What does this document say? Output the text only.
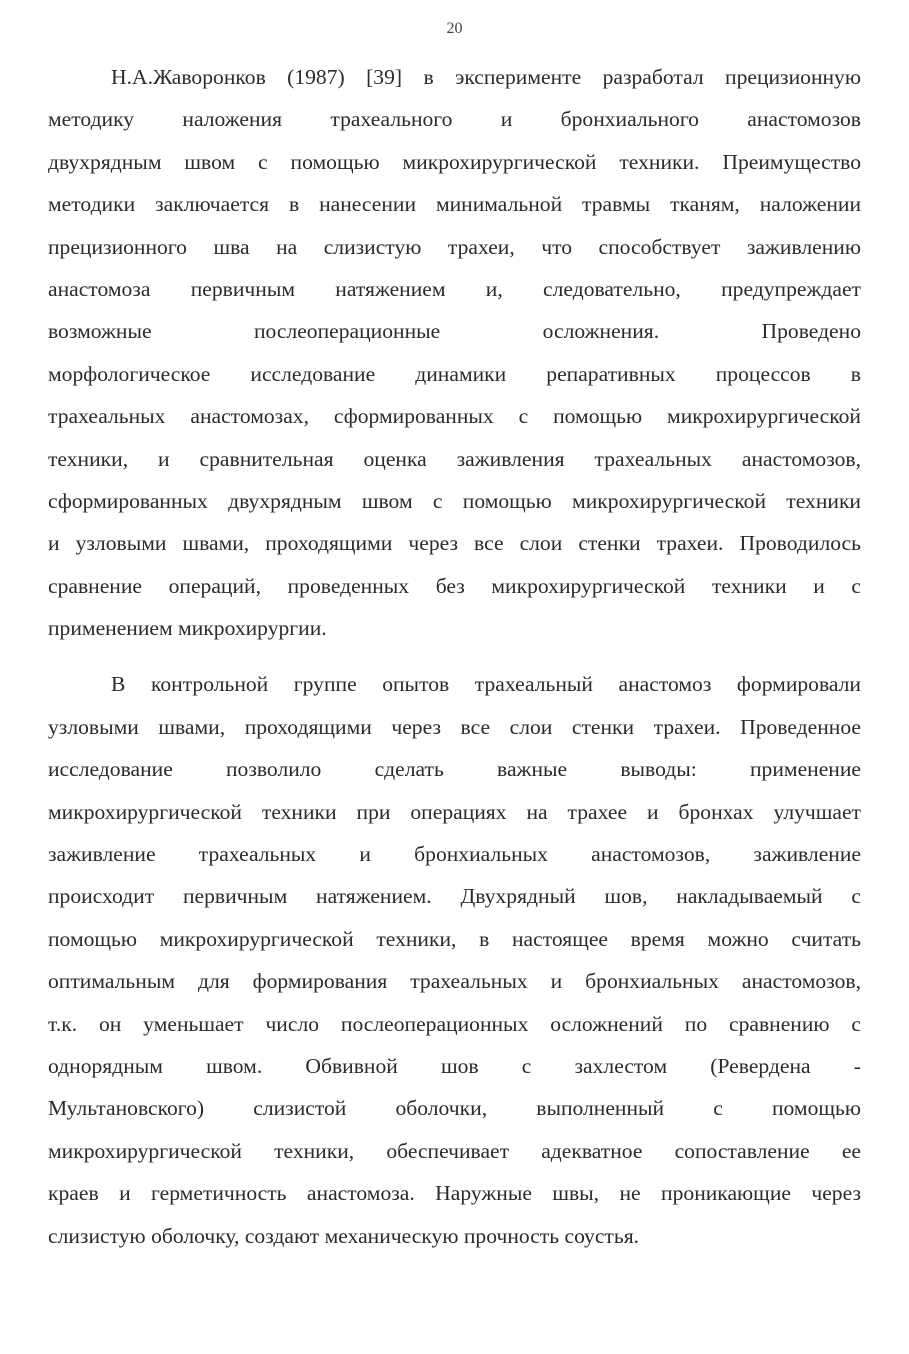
20
Н.А.Жаворонков (1987) [39] в эксперименте разработал прецизионную
методику наложения трахеального и бронхиального анастомозов
двухрядным швом с помощью микрохирургической техники. Преимущество
методики заключается в нанесении минимальной травмы тканям, наложении
прецизионного шва на слизистую трахеи, что способствует заживлению
анастомоза первичным натяжением и, следовательно, предупреждает
возможные послеоперационные осложнения. Проведено
морфологическое исследование динамики репаративных процессов в
трахеальных анастомозах, сформированных с помощью микрохирургической
техники, и сравнительная оценка заживления трахеальных анастомозов,
сформированных двухрядным швом с помощью микрохирургической техники
и узловыми швами, проходящими через все слои стенки трахеи. Проводилось
сравнение операций, проведенных без микрохирургической техники и с
применением микрохирургии.
В контрольной группе опытов трахеальный анастомоз формировали
узловыми швами, проходящими через все слои стенки трахеи. Проведенное
исследование позволило сделать важные выводы: применение
микрохирургической техники при операциях на трахее и бронхах улучшает
заживление трахеальных и бронхиальных анастомозов, заживление
происходит первичным натяжением. Двухрядный шов, накладываемый с
помощью микрохирургической техники, в настоящее время можно считать
оптимальным для формирования трахеальных и бронхиальных анастомозов,
т.к. он уменьшает число послеоперационных осложнений по сравнению с
однорядным швом. Обвивной шов с захлестом (Ревердена -
Мультановского) слизистой оболочки, выполненный с помощью
микрохирургической техники, обеспечивает адекватное сопоставление ее
краев и герметичность анастомоза. Наружные швы, не проникающие через
слизистую оболочку, создают механическую прочность соустья.
